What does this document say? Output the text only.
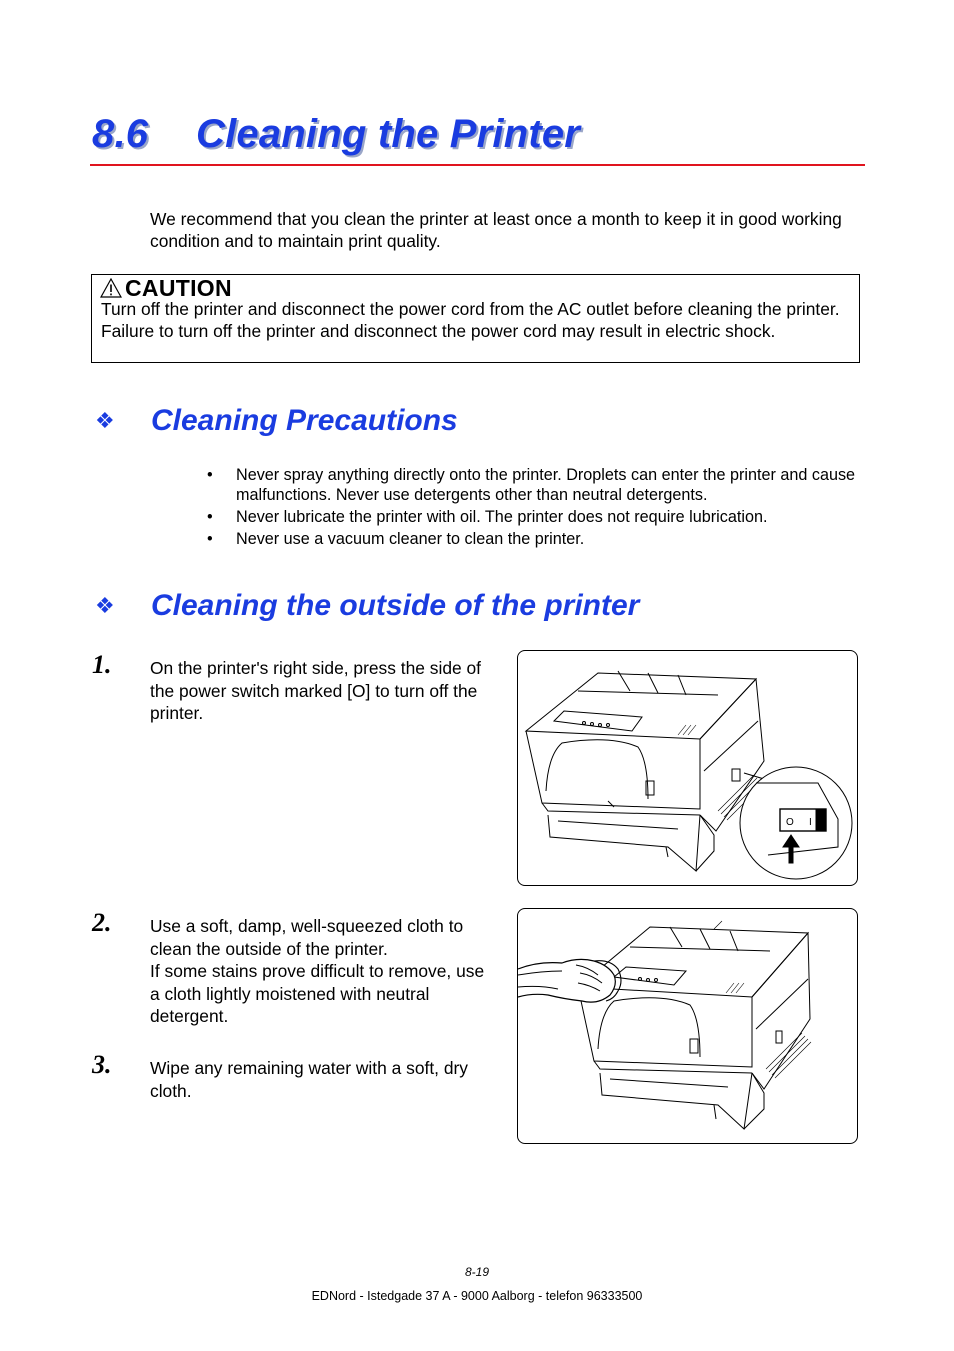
8.6 Cleaning the Printer

We recommend that you clean the printer at least once a month to keep it in good working condition and to maintain print quality.

CAUTION

Turn off the printer and disconnect the power cord from the AC outlet before cleaning the printer. Failure to turn off the printer and disconnect the power cord may result in electric shock.

❖	Cleaning Precautions
• Never spray anything directly onto the printer. Droplets can enter the printer and cause malfunctions. Never use detergents other than neutral detergents.
• Never lubricate the printer with oil. The printer does not require lubrication.
• Never use a vacuum cleaner to clean the printer.
❖	Cleaning the outside of the printer
1. On the printer's right side, press the side of the power switch marked [O] to turn off the printer.

O I
2. Use a soft, damp, well-squeezed cloth to clean the outside of the printer.

If some stains prove difficult to remove, use a cloth lightly moistened with neutral detergent.

3. Wipe any remaining water with a soft, dry cloth.

8-19
EDNord - Istedgade 37 A - 9000 Aalborg - telefon 96333500
